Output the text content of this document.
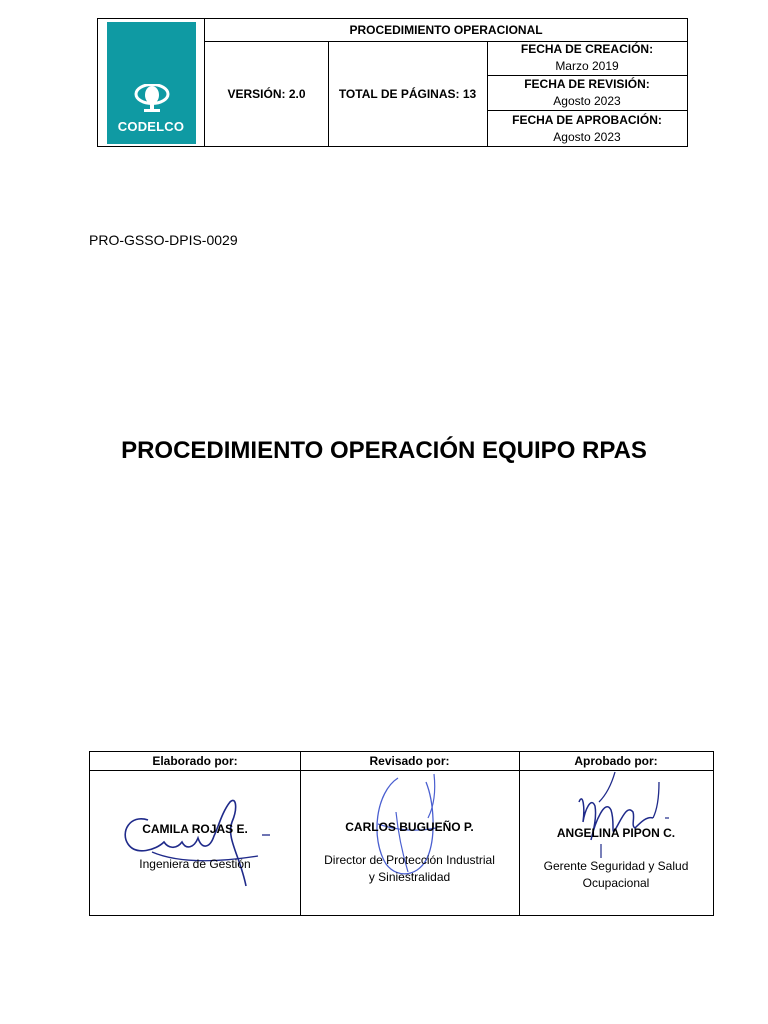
CODELCO
PROCEDIMIENTO OPERACIONAL
VERSIÓN: 2.0	TOTAL DE PÁGINAS: 13
FECHA DE CREACIÓN:
Marzo 2019
FECHA DE REVISIÓN:
Agosto 2023
FECHA DE APROBACIÓN:
Agosto 2023
PRO-GSSO-DPIS-0029
PROCEDIMIENTO OPERACIÓN EQUIPO RPAS
Elaborado por:
CAMILA ROJAS E.
Ingeniera de Gestión
Revisado por:
CARLOS BUGUEÑO P.
Director de Protección Industrial
y Siniestralidad
Aprobado por:
ANGELINA PIPON C.
Gerente Seguridad y Salud
Ocupacional
